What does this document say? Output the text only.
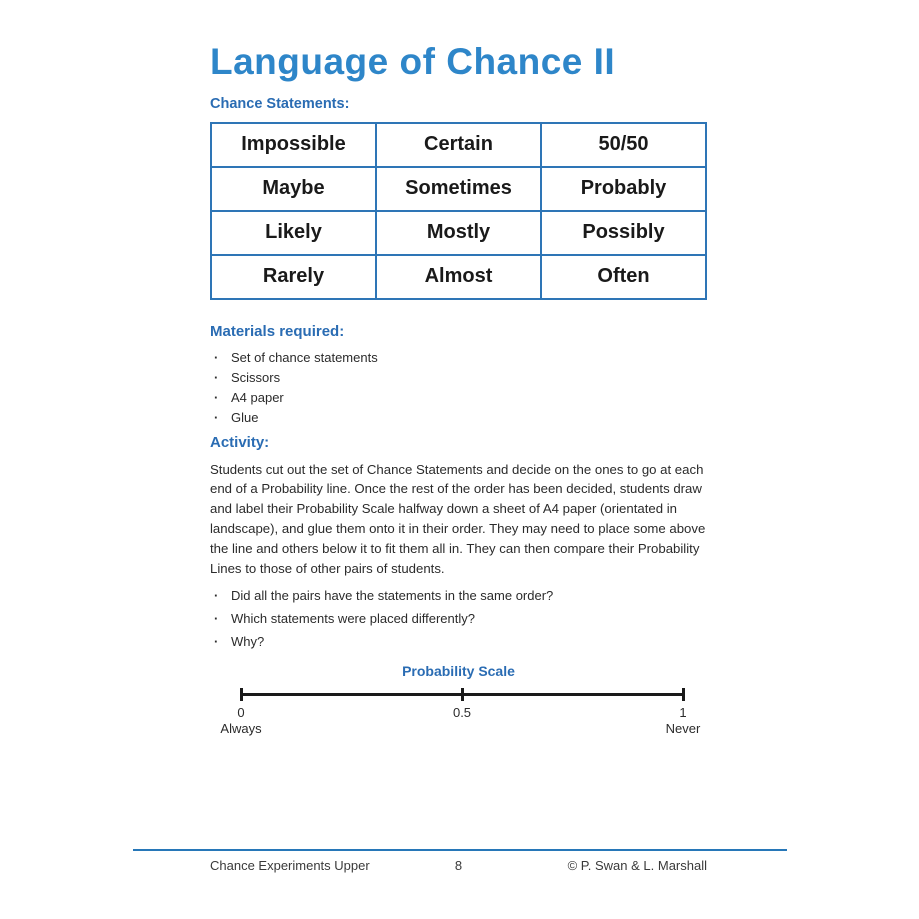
Language of Chance II
Chance Statements:
Impossible	Certain	50/50
Maybe	Sometimes	Probably
Likely	Mostly	Possibly
Rarely	Almost	Often
Materials required:
· Set of chance statements
· Scissors
· A4 paper
· Glue
Activity:

Students cut out the set of Chance Statements and decide on the ones to go at each end of a Probability line. Once the rest of the order has been decided, students draw and label their Probability Scale halfway down a sheet of A4 paper (orientated in landscape), and glue them onto it in their order. They may need to place some above the line and others below it to fit them all in. They can then compare their Probability Lines to those of other pairs of students.

· Did all the pairs have the statements in the same order?
· Which statements were placed differently?
· Why?
Probability Scale
0
Always
0.5	1
Never
Chance Experiments Upper	8	© P. Swan & L. Marshall
